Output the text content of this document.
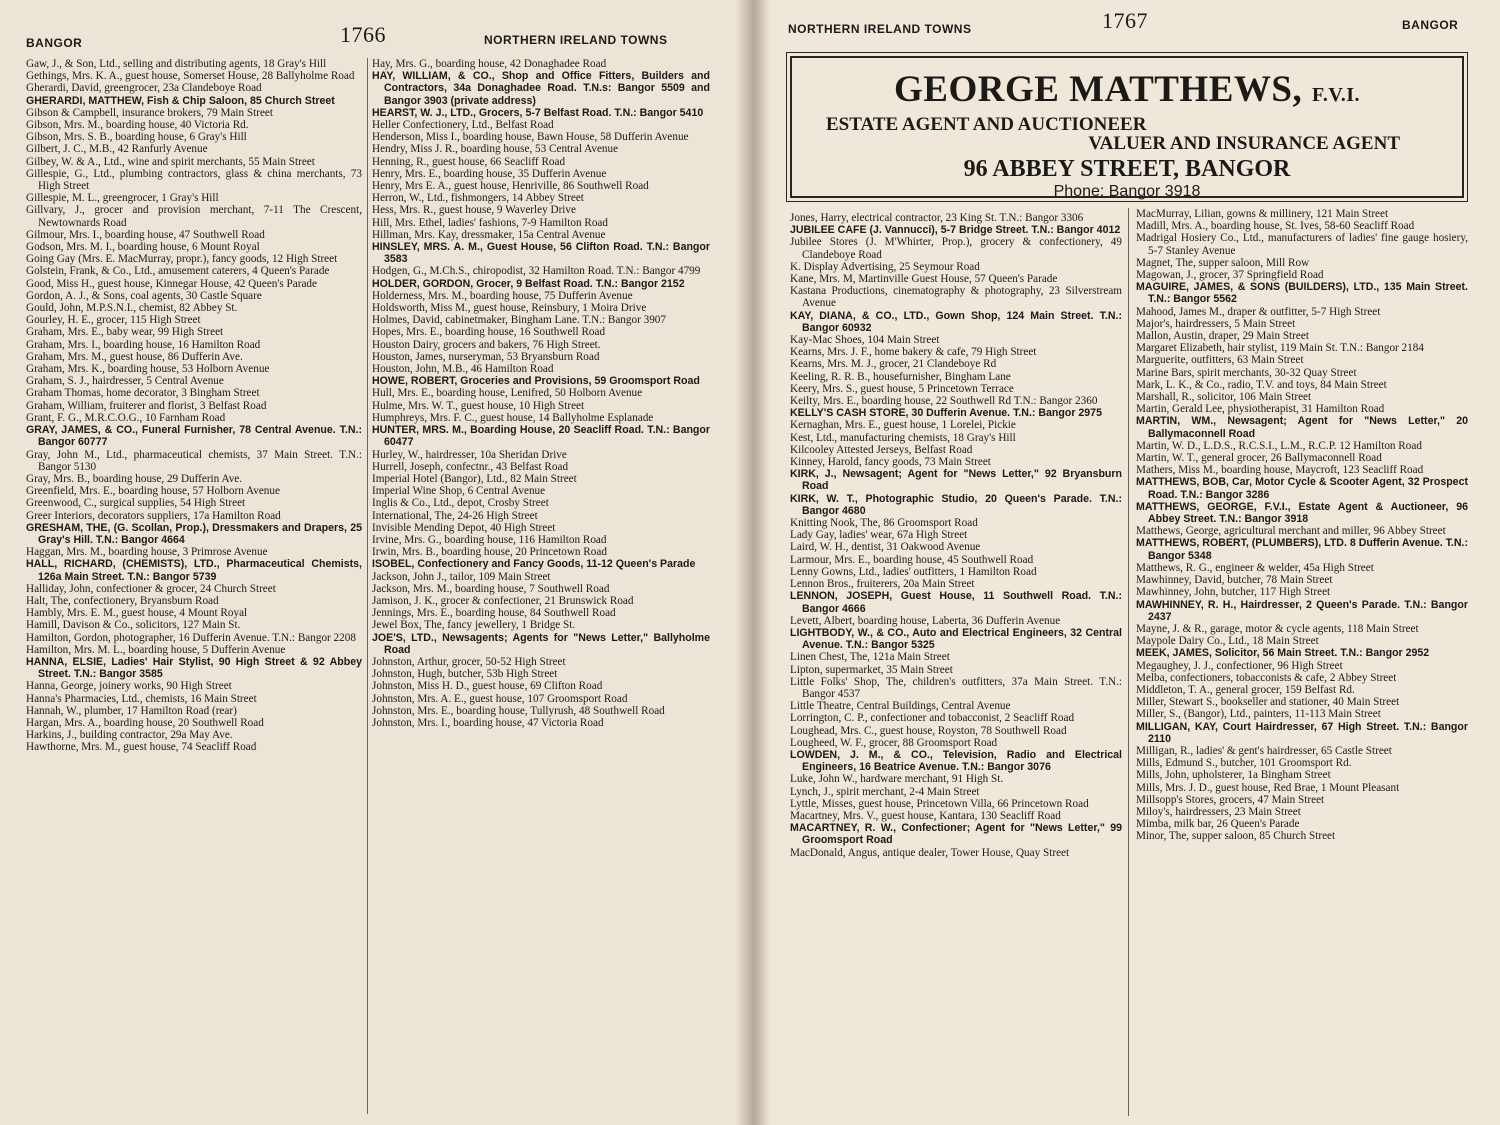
BANGOR	1766	NORTHERN IRELAND TOWNS

Gaw, J., & Son, Ltd., selling and distributing agents, 18 Gray's Hill

Gethings, Mrs. K. A., guest house, Somerset House, 28 Ballyholme Road

Gherardi, David, greengrocer, 23a Clandeboye Road

GHERARDI, MATTHEW, Fish & Chip Saloon, 85 Church Street

Gibson & Campbell, insurance brokers, 79 Main Street

Gibson, Mrs. M., boarding house, 40 Victoria Rd.

Gibson, Mrs. S. B., boarding house, 6 Gray's Hill

Gilbert, J. C., M.B., 42 Ranfurly Avenue

Gilbey, W. & A., Ltd., wine and spirit merchants, 55 Main Street

Gillespie, G., Ltd., plumbing contractors, glass & china merchants, 73 High Street

Gillespie, M. L., greengrocer, 1 Gray's Hill

Gillvary, J., grocer and provision merchant, 7-11 The Crescent, Newtownards Road

Gilmour, Mrs. I., boarding house, 47 Southwell Road

Godson, Mrs. M. I., boarding house, 6 Mount Royal

Going Gay (Mrs. E. MacMurray, propr.), fancy goods, 12 High Street

Golstein, Frank, & Co., Ltd., amusement caterers, 4 Queen's Parade

Good, Miss H., guest house, Kinnegar House, 42 Queen's Parade

Gordon, A. J., & Sons, coal agents, 30 Castle Square

Gould, John, M.P.S.N.I., chemist, 82 Abbey St.

Gourley, H. E., grocer, 115 High Street

Graham, Mrs. E., baby wear, 99 High Street

Graham, Mrs. I., boarding house, 16 Hamilton Road

Graham, Mrs. M., guest house, 86 Dufferin Ave.

Graham, Mrs. K., boarding house, 53 Holborn Avenue

Graham, S. J., hairdresser, 5 Central Avenue

Graham Thomas, home decorator, 3 Bingham Street

Graham, William, fruiterer and florist, 3 Belfast Road

Grant, F. G., M.R.C.O.G., 10 Farnham Road

GRAY, JAMES, & CO., Funeral Furnisher, 78 Central Avenue. T.N.: Bangor 60777

Gray, John M., Ltd., pharmaceutical chemists, 37 Main Street. T.N.: Bangor 5130

Gray, Mrs. B., boarding house, 29 Dufferin Ave.

Greenfield, Mrs. E., boarding house, 57 Holborn Avenue

Greenwood, C., surgical supplies, 54 High Street

Greer Interiors, decorators suppliers, 17a Hamilton Road

GRESHAM, THE, (G. Scollan, Prop.), Dressmakers and Drapers, 25 Gray's Hill. T.N.: Bangor 4664

Haggan, Mrs. M., boarding house, 3 Primrose Avenue

HALL, RICHARD, (CHEMISTS), LTD., Pharmaceutical Chemists, 126a Main Street. T.N.: Bangor 5739

Halliday, John, confectioner & grocer, 24 Church Street

Halt, The, confectionery, Bryansburn Road

Hambly, Mrs. E. M., guest house, 4 Mount Royal

Hamill, Davison & Co., solicitors, 127 Main St.

Hamilton, Gordon, photographer, 16 Dufferin Avenue. T.N.: Bangor 2208

Hamilton, Mrs. M. L., boarding house, 5 Dufferin Avenue

HANNA, ELSIE, Ladies' Hair Stylist, 90 High Street & 92 Abbey Street. T.N.: Bangor 3585

Hanna, George, joinery works, 90 High Street

Hanna's Pharmacies, Ltd., chemists, 16 Main Street

Hannah, W., plumber, 17 Hamilton Road (rear)

Hargan, Mrs. A., boarding house, 20 Southwell Road

Harkins, J., building contractor, 29a May Ave.

Hawthorne, Mrs. M., guest house, 74 Seacliff Road

Hay, Mrs. G., boarding house, 42 Donaghadee Road

HAY, WILLIAM, & CO., Shop and Office Fitters, Builders and Contractors, 34a Donaghadee Road. T.N.s: Bangor 5509 and Bangor 3903 (private address)

HEARST, W. J., LTD., Grocers, 5-7 Belfast Road. T.N.: Bangor 5410

Heller Confectionery, Ltd., Belfast Road

Henderson, Miss I., boarding house, Bawn House, 58 Dufferin Avenue

Hendry, Miss J. R., boarding house, 53 Central Avenue

Henning, R., guest house, 66 Seacliff Road

Henry, Mrs. E., boarding house, 35 Dufferin Avenue

Henry, Mrs E. A., guest house, Henriville, 86 Southwell Road

Herron, W., Ltd., fishmongers, 14 Abbey Street

Hess, Mrs. R., guest house, 9 Waverley Drive

Hill, Mrs. Ethel, ladies' fashions, 7-9 Hamilton Road

Hillman, Mrs. Kay, dressmaker, 15a Central Avenue

HINSLEY, MRS. A. M., Guest House, 56 Clifton Road. T.N.: Bangor 3583

Hodgen, G., M.Ch.S., chiropodist, 32 Hamilton Road. T.N.: Bangor 4799

HOLDER, GORDON, Grocer, 9 Belfast Road. T.N.: Bangor 2152

Holderness, Mrs. M., boarding house, 75 Dufferin Avenue

Holdsworth, Miss M., guest house, Reinsbury, 1 Moira Drive

Holmes, David, cabinetmaker, Bingham Lane. T.N.: Bangor 3907

Hopes, Mrs. E., boarding house, 16 Southwell Road

Houston Dairy, grocers and bakers, 76 High Street.

Houston, James, nurseryman, 53 Bryansburn Road

Houston, John, M.B., 46 Hamilton Road

HOWE, ROBERT, Groceries and Provisions, 59 Groomsport Road

Hull, Mrs. E., boarding house, Lenifred, 50 Holborn Avenue

Hulme, Mrs. W. T., guest house, 10 High Street

Humphreys, Mrs. F. C., guest house, 14 Ballyholme Esplanade

HUNTER, MRS. M., Boarding House, 20 Seacliff Road. T.N.: Bangor 60477

Hurley, W., hairdresser, 10a Sheridan Drive

Hurrell, Joseph, confectnr., 43 Belfast Road

Imperial Hotel (Bangor), Ltd., 82 Main Street

Imperial Wine Shop, 6 Central Avenue

Inglis & Co., Ltd., depot, Crosby Street

International, The, 24-26 High Street

Invisible Mending Depot, 40 High Street

Irvine, Mrs. G., boarding house, 116 Hamilton Road

Irwin, Mrs. B., boarding house, 20 Princetown Road

ISOBEL, Confectionery and Fancy Goods, 11-12 Queen's Parade

Jackson, John J., tailor, 109 Main Street

Jackson, Mrs. M., boarding house, 7 Southwell Road

Jamison, J. K., grocer & confectioner, 21 Brunswick Road

Jennings, Mrs. E., boarding house, 84 Southwell Road

Jewel Box, The, fancy jewellery, 1 Bridge St.

JOE'S, LTD., Newsagents; Agents for "News Letter," Ballyholme Road

Johnston, Arthur, grocer, 50-52 High Street

Johnston, Hugh, butcher, 53b High Street

Johnston, Miss H. D., guest house, 69 Clifton Road

Johnston, Mrs. A. E., guest house, 107 Groomsport Road

Johnston, Mrs. E., boarding house, Tullyrush, 48 Southwell Road

Johnston, Mrs. I., boarding house, 47 Victoria Road

NORTHERN IRELAND TOWNS	1767	BANGOR
GEORGE MATTHEWS, F.V.I.
ESTATE AGENT AND AUCTIONEER
VALUER AND INSURANCE AGENT
96 ABBEY STREET, BANGOR
Phone: Bangor 3918

Jones, Harry, electrical contractor, 23 King St. T.N.: Bangor 3306

JUBILEE CAFE (J. Vannucci), 5-7 Bridge Street. T.N.: Bangor 4012

Jubilee Stores (J. M'Whirter, Prop.), grocery & confectionery, 49 Clandeboye Road

K. Display Advertising, 25 Seymour Road

Kane, Mrs. M, Martinville Guest House, 57 Queen's Parade

Kastana Productions, cinematography & photography, 23 Silverstream Avenue

KAY, DIANA, & CO., LTD., Gown Shop, 124 Main Street. T.N.: Bangor 60932

Kay-Mac Shoes, 104 Main Street

Kearns, Mrs. J. F., home bakery & cafe, 79 High Street

Kearns, Mrs. M. J., grocer, 21 Clandeboye Rd

Keeling, R. R. B., housefurnisher, Bingham Lane

Keery, Mrs. S., guest house, 5 Princetown Terrace

Keilty, Mrs. E., boarding house, 22 Southwell Rd T.N.: Bangor 2360

KELLY'S CASH STORE, 30 Dufferin Avenue. T.N.: Bangor 2975

Kernaghan, Mrs. E., guest house, 1 Lorelei, Pickie

Kest, Ltd., manufacturing chemists, 18 Gray's Hill

Kilcooley Attested Jerseys, Belfast Road

Kinney, Harold, fancy goods, 73 Main Street

KIRK, J., Newsagent; Agent for "News Letter," 92 Bryansburn Road

KIRK, W. T., Photographic Studio, 20 Queen's Parade. T.N.: Bangor 4680

Knitting Nook, The, 86 Groomsport Road

Lady Gay, ladies' wear, 67a High Street

Laird, W. H., dentist, 31 Oakwood Avenue

Larmour, Mrs. E., boarding house, 45 Southwell Road

Lenny Gowns, Ltd., ladies' outfitters, 1 Hamilton Road

Lennon Bros., fruiterers, 20a Main Street

LENNON, JOSEPH, Guest House, 11 Southwell Road. T.N.: Bangor 4666

Levett, Albert, boarding house, Laberta, 36 Dufferin Avenue

LIGHTBODY, W., & CO., Auto and Electrical Engineers, 32 Central Avenue. T.N.: Bangor 5325

Linen Chest, The, 121a Main Street

Lipton, supermarket, 35 Main Street

Little Folks' Shop, The, children's outfitters, 37a Main Street. T.N.: Bangor 4537

Little Theatre, Central Buildings, Central Avenue

Lorrington, C. P., confectioner and tobacconist, 2 Seacliff Road

Loughead, Mrs. C., guest house, Royston, 78 Southwell Road

Lougheed, W. F., grocer, 88 Groomsport Road

LOWDEN, J. M., & CO., Television, Radio and Electrical Engineers, 16 Beatrice Avenue. T.N.: Bangor 3076

Luke, John W., hardware merchant, 91 High St.

Lynch, J., spirit merchant, 2-4 Main Street

Lyttle, Misses, guest house, Princetown Villa, 66 Princetown Road

Macartney, Mrs. V., guest house, Kantara, 130 Seacliff Road

MACARTNEY, R. W., Confectioner; Agent for "News Letter," 99 Groomsport Road

MacDonald, Angus, antique dealer, Tower House, Quay Street

MacMurray, Lilian, gowns & millinery, 121 Main Street

Madill, Mrs. A., boarding house, St. Ives, 58-60 Seacliff Road

Madrigal Hosiery Co., Ltd., manufacturers of ladies' fine gauge hosiery, 5-7 Stanley Avenue

Magnet, The, supper saloon, Mill Row

Magowan, J., grocer, 37 Springfield Road

MAGUIRE, JAMES, & SONS (BUILDERS), LTD., 135 Main Street. T.N.: Bangor 5562

Mahood, James M., draper & outfitter, 5-7 High Street

Major's, hairdressers, 5 Main Street

Mallon, Austin, draper, 29 Main Street

Margaret Elizabeth, hair stylist, 119 Main St. T.N.: Bangor 2184

Marguerite, outfitters, 63 Main Street

Marine Bars, spirit merchants, 30-32 Quay Street

Mark, L. K., & Co., radio, T.V. and toys, 84 Main Street

Marshall, R., solicitor, 106 Main Street

Martin, Gerald Lee, physiotherapist, 31 Hamilton Road

MARTIN, WM., Newsagent; Agent for "News Letter," 20 Ballymaconnell Road

Martin, W. D., L.D.S., R.C.S.I., L.M., R.C.P. 12 Hamilton Road

Martin, W. T., general grocer, 26 Ballymaconnell Road

Mathers, Miss M., boarding house, Maycroft, 123 Seacliff Road

MATTHEWS, BOB, Car, Motor Cycle & Scooter Agent, 32 Prospect Road. T.N.: Bangor 3286

MATTHEWS, GEORGE, F.V.I., Estate Agent & Auctioneer, 96 Abbey Street. T.N.: Bangor 3918

Matthews, George, agricultural merchant and miller, 96 Abbey Street

MATTHEWS, ROBERT, (PLUMBERS), LTD. 8 Dufferin Avenue. T.N.: Bangor 5348

Matthews, R. G., engineer & welder, 45a High Street

Mawhinney, David, butcher, 78 Main Street

Mawhinney, John, butcher, 117 High Street

MAWHINNEY, R. H., Hairdresser, 2 Queen's Parade. T.N.: Bangor 2437

Mayne, J. & R., garage, motor & cycle agents, 118 Main Street

Maypole Dairy Co., Ltd., 18 Main Street

MEEK, JAMES, Solicitor, 56 Main Street. T.N.: Bangor 2952

Megaughey, J. J., confectioner, 96 High Street

Melba, confectioners, tobacconists & cafe, 2 Abbey Street

Middleton, T. A., general grocer, 159 Belfast Rd.

Miller, Stewart S., bookseller and stationer, 40 Main Street

Miller, S., (Bangor), Ltd., painters, 11-113 Main Street

MILLIGAN, KAY, Court Hairdresser, 67 High Street. T.N.: Bangor 2110

Milligan, R., ladies' & gent's hairdresser, 65 Castle Street

Mills, Edmund S., butcher, 101 Groomsport Rd.

Mills, John, upholsterer, 1a Bingham Street

Mills, Mrs. J. D., guest house, Red Brae, 1 Mount Pleasant

Millsopp's Stores, grocers, 47 Main Street

Miloy's, hairdressers, 23 Main Street

Mimba, milk bar, 26 Queen's Parade

Minor, The, supper saloon, 85 Church Street
